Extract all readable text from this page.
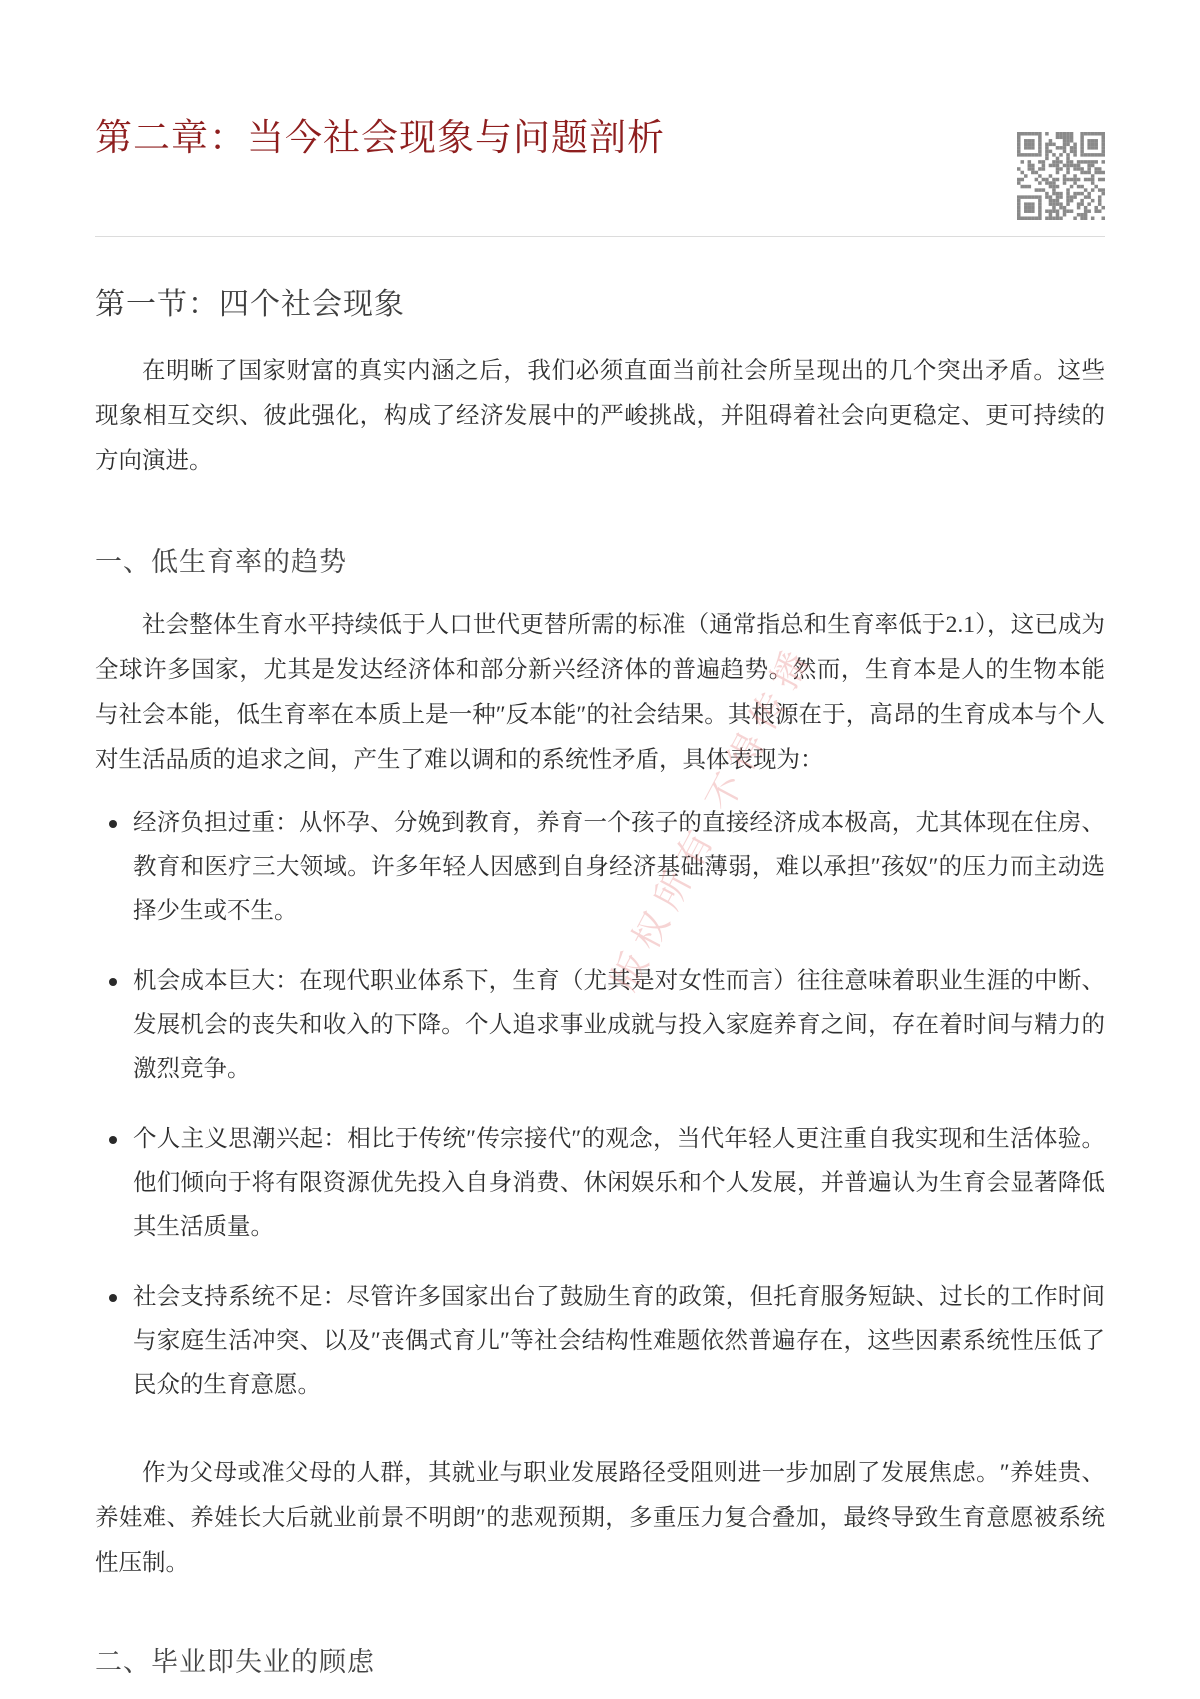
第二章：当今社会现象与问题剖析
第一节：四个社会现象

在明晰了国家财富的真实内涵之后，我们必须直面当前社会所呈现出的几个突出矛盾。这些现象相互交织、彼此强化，构成了经济发展中的严峻挑战，并阻碍着社会向更稳定、更可持续的方向演进。

一、低生育率的趋势

社会整体生育水平持续低于人口世代更替所需的标准（通常指总和生育率低于2.1），这已成为全球许多国家，尤其是发达经济体和部分新兴经济体的普遍趋势。然而，生育本是人的生物本能与社会本能，低生育率在本质上是一种″反本能″的社会结果。其根源在于，高昂的生育成本与个人对生活品质的追求之间，产生了难以调和的系统性矛盾，具体表现为：

经济负担过重：从怀孕、分娩到教育，养育一个孩子的直接经济成本极高，尤其体现在住房、教育和医疗三大领域。许多年轻人因感到自身经济基础薄弱，难以承担″孩奴″的压力而主动选择少生或不生。
机会成本巨大：在现代职业体系下，生育（尤其是对女性而言）往往意味着职业生涯的中断、发展机会的丧失和收入的下降。个人追求事业成就与投入家庭养育之间，存在着时间与精力的激烈竞争。
个人主义思潮兴起：相比于传统″传宗接代″的观念，当代年轻人更注重自我实现和生活体验。他们倾向于将有限资源优先投入自身消费、休闲娱乐和个人发展，并普遍认为生育会显著降低其生活质量。
社会支持系统不足：尽管许多国家出台了鼓励生育的政策，但托育服务短缺、过长的工作时间与家庭生活冲突、以及″丧偶式育儿″等社会结构性难题依然普遍存在，这些因素系统性压低了民众的生育意愿。

作为父母或准父母的人群，其就业与职业发展路径受阻则进一步加剧了发展焦虑。″养娃贵、养娃难、养娃长大后就业前景不明朗″的悲观预期，多重压力复合叠加，最终导致生育意愿被系统性压制。

二、毕业即失业的顾虑
版权所有 不得传播
